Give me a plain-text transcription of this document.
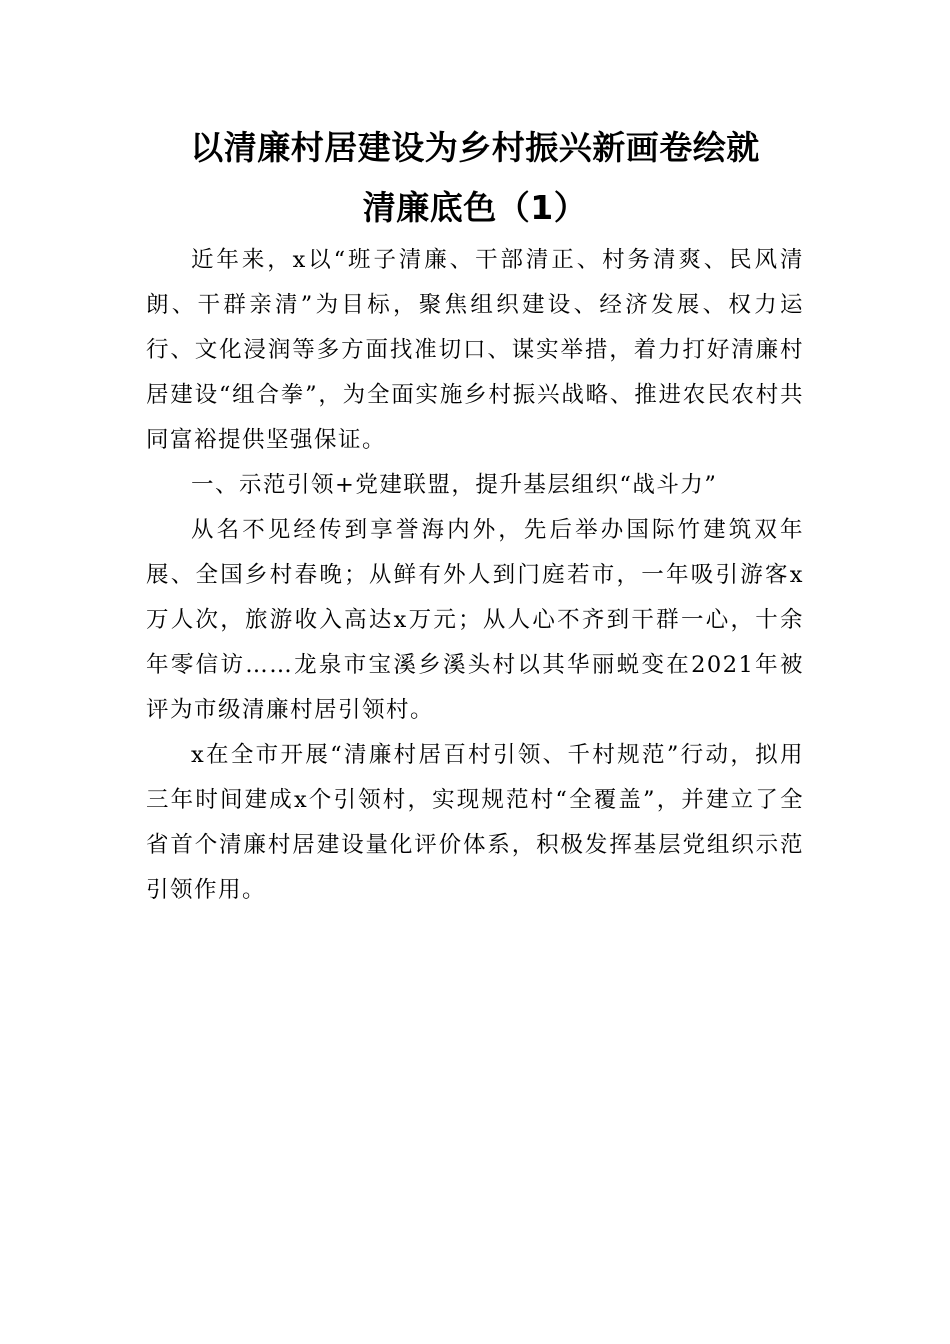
以清廉村居建设为乡村振兴新画卷绘就
清廉底色（1）

近年来，x以“班子清廉、干部清正、村务清爽、民风清朗、干群亲清”为目标，聚焦组织建设、经济发展、权力运行、文化浸润等多方面找准切口、谋实举措，着力打好清廉村居建设“组合拳”，为全面实施乡村振兴战略、推进农民农村共同富裕提供坚强保证。

一、示范引领+党建联盟，提升基层组织“战斗力”

从名不见经传到享誉海内外，先后举办国际竹建筑双年展、全国乡村春晚；从鲜有外人到门庭若市，一年吸引游客x万人次，旅游收入高达x万元；从人心不齐到干群一心，十余年零信访……龙泉市宝溪乡溪头村以其华丽蜕变在2021年被评为市级清廉村居引领村。

x在全市开展“清廉村居百村引领、千村规范”行动，拟用三年时间建成x个引领村，实现规范村“全覆盖”，并建立了全省首个清廉村居建设量化评价体系，积极发挥基层党组织示范引领作用。
